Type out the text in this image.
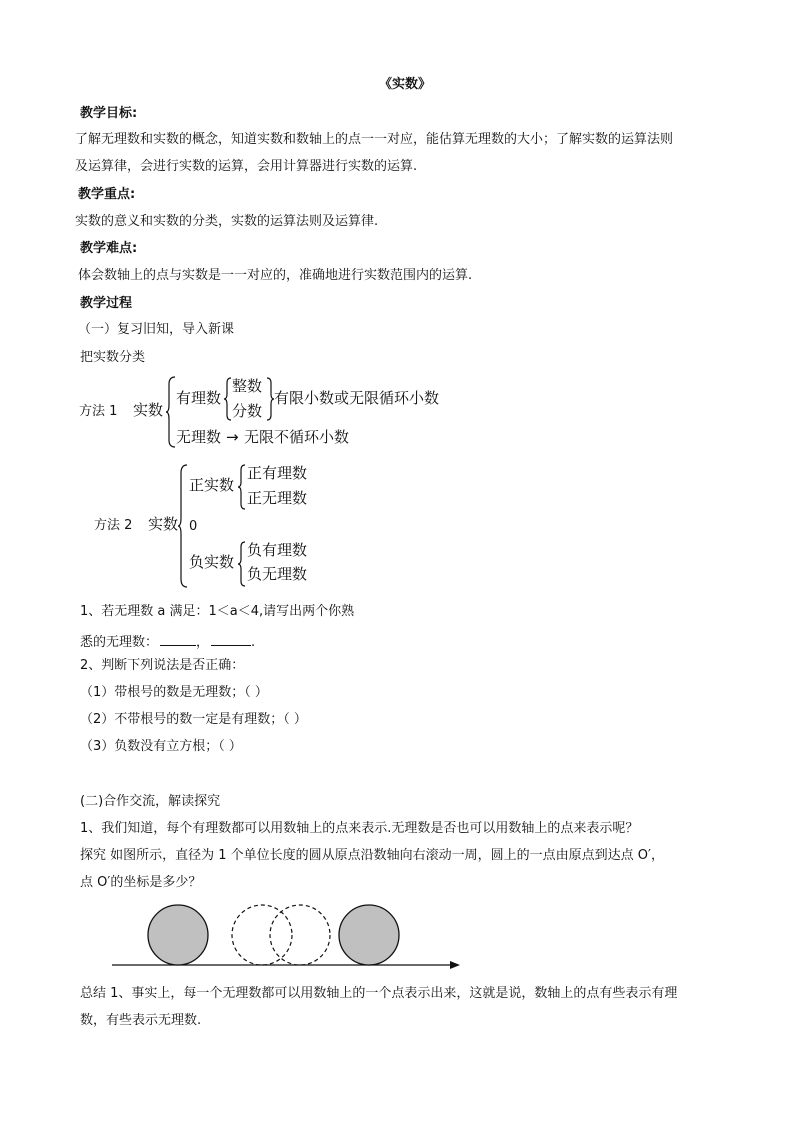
《实数》
教学目标:
了解无理数和实数的概念，知道实数和数轴上的点一一对应，能估算无理数的大小；了解实数的运算法则
及运算律，会进行实数的运算，会用计算器进行实数的运算.
教学重点:
实数的意义和实数的分类，实数的运算法则及运算律.
教学难点:
体会数轴上的点与实数是一一对应的，准确地进行实数范围内的运算.
教学过程
（一）复习旧知，导入新课
把实数分类
方法 1 实数
有理数
整数
分数
有限小数或无限循环小数
无理数 → 无限不循环小数
方法 2 实数
正实数
正有理数
正无理数
0
负实数
负有理数
负无理数
1、若无理数 a 满足：1＜a＜4,请写出两个你熟
悉的无理数：	，	.
2、判断下列说法是否正确：
（1）带根号的数是无理数；（ ）
（2）不带根号的数一定是有理数；（ ）
（3）负数没有立方根；（ ）
(二)合作交流，解读探究
1、我们知道，每个有理数都可以用数轴上的点来表示.无理数是否也可以用数轴上的点来表示呢？
探究 如图所示，直径为 1 个单位长度的圆从原点沿数轴向右滚动一周，圆上的一点由原点到达点 O′，
点 O′的坐标是多少？
总结 1、事实上，每一个无理数都可以用数轴上的一个点表示出来，这就是说，数轴上的点有些表示有理
数，有些表示无理数.
